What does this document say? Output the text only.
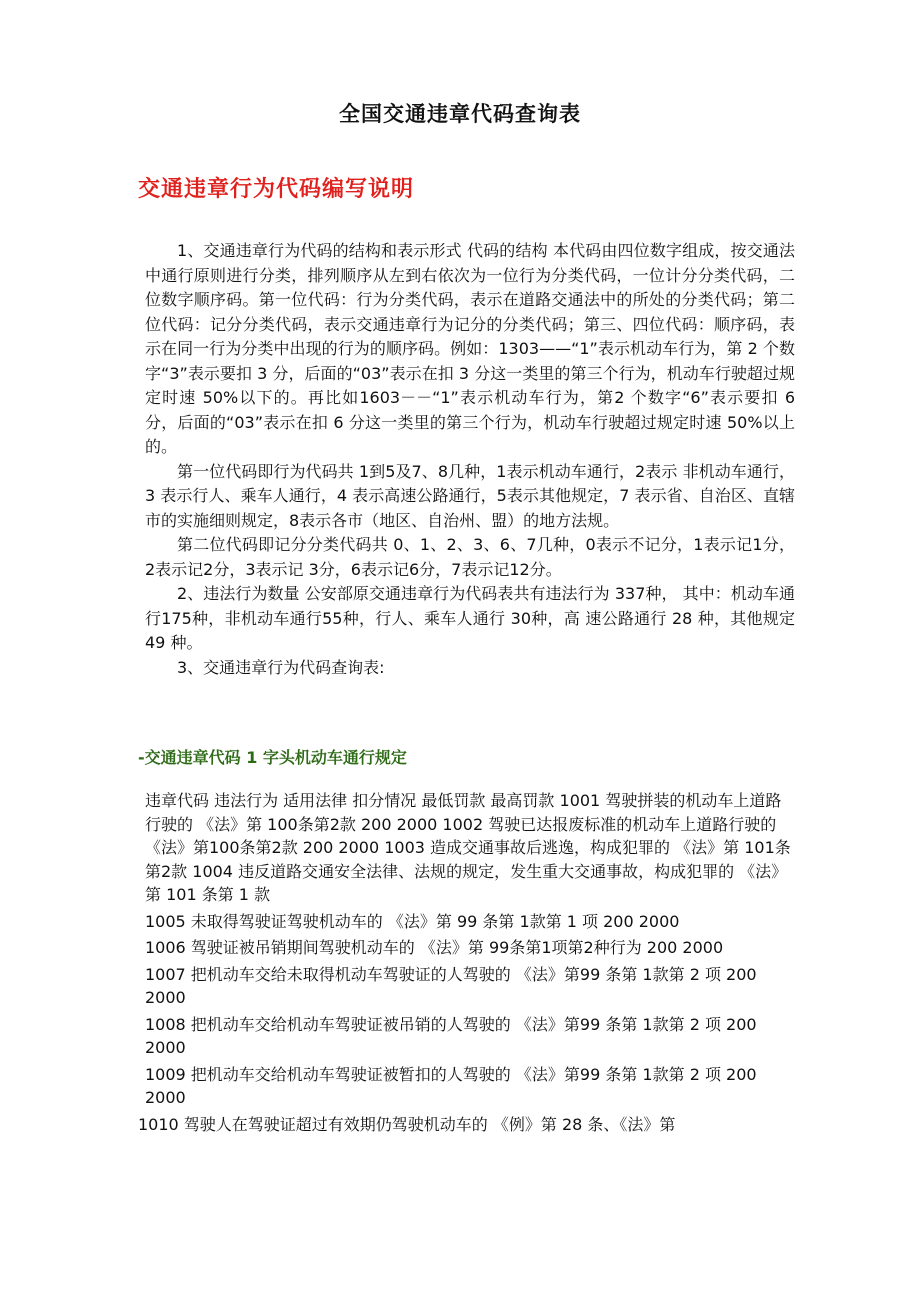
全国交通违章代码查询表
交通违章行为代码编写说明

1、交通违章行为代码的结构和表示形式 代码的结构 本代码由四位数字组成，按交通法中通行原则进行分类，排列顺序从左到右依次为一位行为分类代码，一位计分分类代码，二位数字顺序码。第一位代码：行为分类代码，表示在道路交通法中的所处的分类代码；第二位代码：记分分类代码，表示交通违章行为记分的分类代码；第三、四位代码：顺序码，表示在同一行为分类中出现的行为的顺序码。例如：1303——“1”表示机动车行为，第 2 个数字“3”表示要扣 3 分，后面的“03”表示在扣 3 分这一类里的第三个行为，机动车行驶超过规定时速 50%以下的。再比如1603－－“1”表示机动车行为，第2 个数字“6”表示要扣 6 分，后面的“03”表示在扣 6 分这一类里的第三个行为，机动车行驶超过规定时速 50%以上的。

第一位代码即行为代码共 1到5及7、8几种，1表示机动车通行，2表示 非机动车通行，3 表示行人、乘车人通行，4 表示高速公路通行，5表示其他规定，7 表示省、自治区、直辖市的实施细则规定，8表示各市（地区、自治州、盟）的地方法规。

第二位代码即记分分类代码共 0、1、2、3、6、7几种，0表示不记分，1表示记1分，2表示记2分，3表示记 3分，6表示记6分，7表示记12分。

2、违法行为数量 公安部原交通违章行为代码表共有违法行为 337种， 其中：机动车通行175种，非机动车通行55种，行人、乘车人通行 30种，高 速公路通行 28 种，其他规定 49 种。

3、交通违章行为代码查询表:

-交通违章代码 1 字头机动车通行规定

违章代码 违法行为 适用法律 扣分情况 最低罚款 最高罚款 1001 驾驶拼装的机动车上道路行驶的 《法》第 100条第2款 200 2000 1002 驾驶已达报废标准的机动车上道路行驶的《法》第100条第2款 200 2000 1003 造成交通事故后逃逸，构成犯罪的 《法》第 101条第2款 1004 违反道路交通安全法律、法规的规定，发生重大交通事故，构成犯罪的 《法》第 101 条第 1 款

1005 未取得驾驶证驾驶机动车的 《法》第 99 条第 1款第 1 项 200 2000

1006 驾驶证被吊销期间驾驶机动车的 《法》第 99条第1项第2种行为 200 2000

1007 把机动车交给未取得机动车驾驶证的人驾驶的 《法》第99 条第 1款第 2 项 200 2000

1008 把机动车交给机动车驾驶证被吊销的人驾驶的 《法》第99 条第 1款第 2 项 200 2000

1009 把机动车交给机动车驾驶证被暂扣的人驾驶的 《法》第99 条第 1款第 2 项 200 2000

1010 驾驶人在驾驶证超过有效期仍驾驶机动车的 《例》第 28 条、《法》第
